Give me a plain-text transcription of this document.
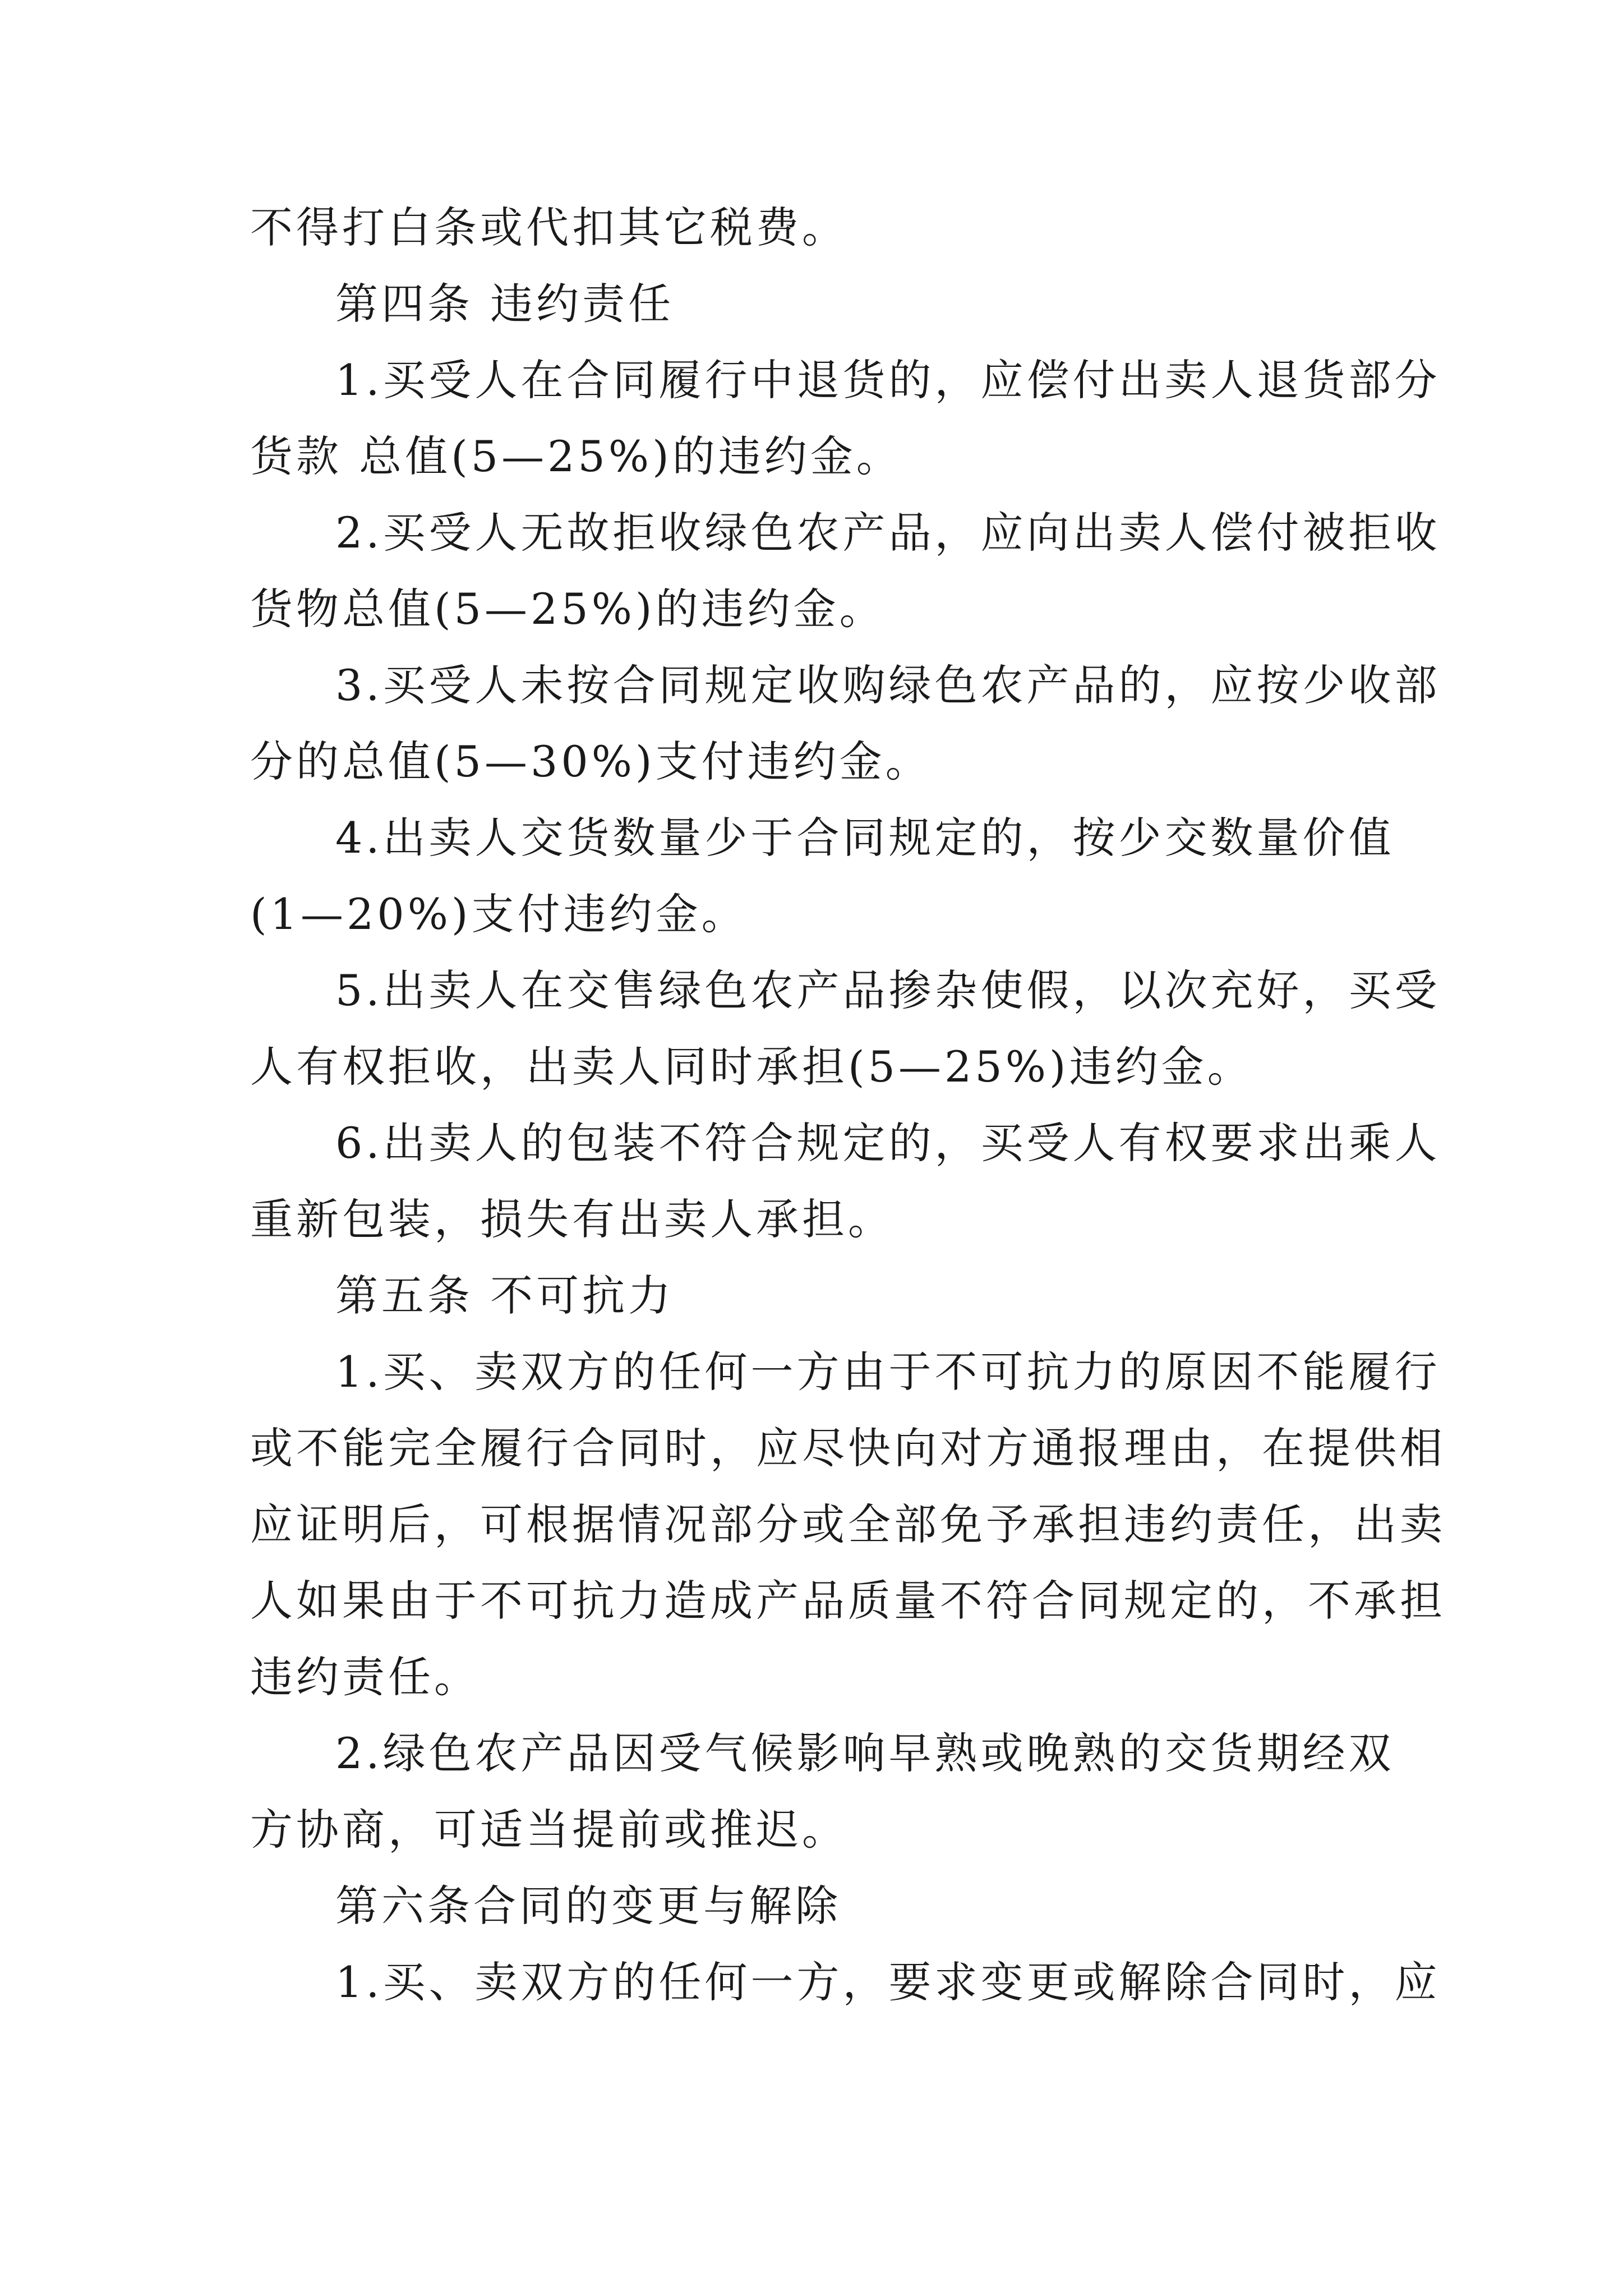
不得打白条或代扣其它税费。
第四条 违约责任
1.买受人在合同履行中退货的，应偿付出卖人退货部分
货款 总值(5—25%)的违约金。
2.买受人无故拒收绿色农产品，应向出卖人偿付被拒收
货物总值(5—25%)的违约金。
3.买受人未按合同规定收购绿色农产品的，应按少收部
分的总值(5—30%)支付违约金。
4.出卖人交货数量少于合同规定的，按少交数量价值
(1—20%)支付违约金。
5.出卖人在交售绿色农产品掺杂使假，以次充好，买受
人有权拒收，出卖人同时承担(5—25%)违约金。
6.出卖人的包装不符合规定的，买受人有权要求出乘人
重新包装，损失有出卖人承担。
第五条 不可抗力
1.买、卖双方的任何一方由于不可抗力的原因不能履行
或不能完全履行合同时，应尽快向对方通报理由，在提供相
应证明后，可根据情况部分或全部免予承担违约责任，出卖
人如果由于不可抗力造成产品质量不符合同规定的，不承担
违约责任。
2.绿色农产品因受气候影响早熟或晚熟的交货期经双
方协商，可适当提前或推迟。
第六条合同的变更与解除
1.买、卖双方的任何一方，要求变更或解除合同时，应
